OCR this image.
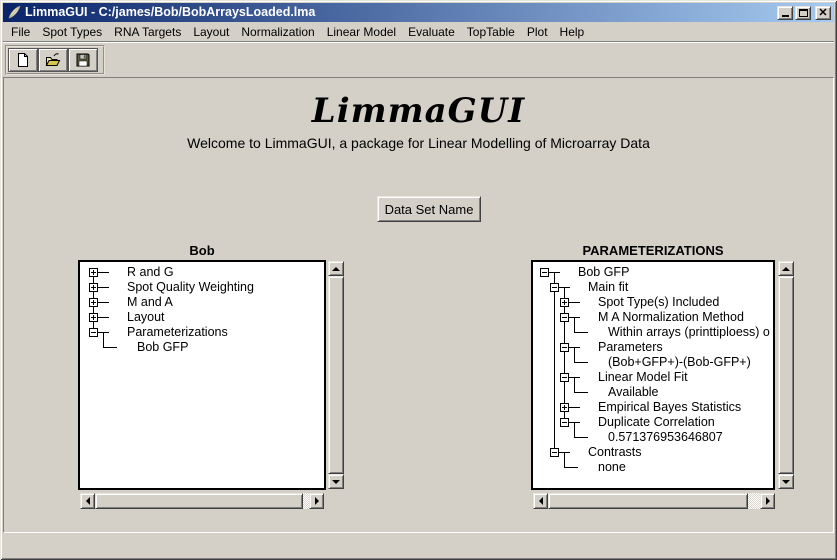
LimmaGUI - C:/james/Bob/BobArraysLoaded.lma	✕
File	Spot Types	RNA Targets	Layout	Normalization	Linear Model	Evaluate	TopTable	Plot	Help
LimmaGUI
Welcome to LimmaGUI, a package for Linear Modelling of Microarray Data
Data Set Name
Bob
R and G
Spot Quality Weighting
M and A
Layout
Parameterizations
Bob GFP
PARAMETERIZATIONS
Bob GFP
Main fit
Spot Type(s) Included
M A Normalization Method
Within arrays (printtiploess) o
Parameters
(Bob+GFP+)-(Bob-GFP+)
Linear Model Fit
Available
Empirical Bayes Statistics
Duplicate Correlation
0.571376953646807
Contrasts
none
